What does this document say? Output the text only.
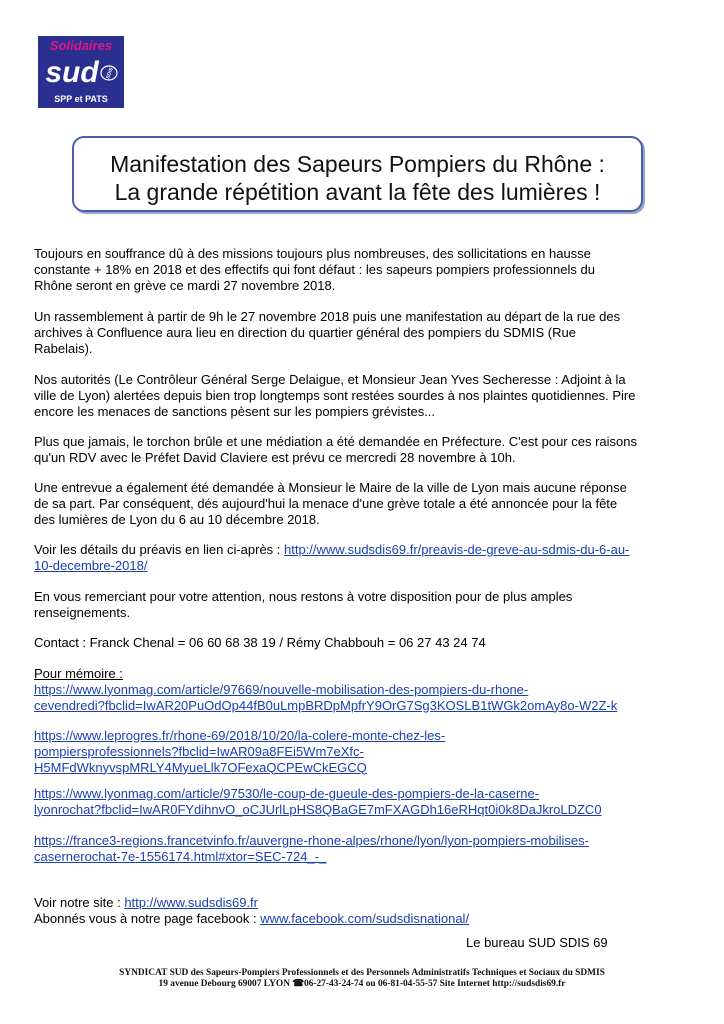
Solidaires
sud SDIS
SPP et PATS
Manifestation des Sapeurs Pompiers du Rhône :
La grande répétition avant la fête des lumières !
Toujours en souffrance dû à des missions toujours plus nombreuses, des sollicitations en hausse
constante + 18% en 2018 et des effectifs qui font défaut : les sapeurs pompiers professionnels du
Rhône seront en grève ce mardi 27 novembre 2018.
Un rassemblement à partir de 9h le 27 novembre 2018 puis une manifestation au départ de la rue des
archives à Confluence aura lieu en direction du quartier général des pompiers du SDMIS (Rue
Rabelais).
Nos autorités (Le Contrôleur Général Serge Delaigue, et Monsieur Jean Yves Secheresse : Adjoint à la
ville de Lyon) alertées depuis bien trop longtemps sont restées sourdes à nos plaintes quotidiennes. Pire
encore les menaces de sanctions pèsent sur les pompiers grévistes...
Plus que jamais, le torchon brûle et une médiation a été demandée en Préfecture. C'est pour ces raisons
qu'un RDV avec le Préfet David Claviere est prévu ce mercredi 28 novembre à 10h.
Une entrevue a également été demandée à Monsieur le Maire de la ville de Lyon mais aucune réponse
de sa part. Par conséquent, dés aujourd'hui la menace d'une grève totale a été annoncée pour la fête
des lumières de Lyon du 6 au 10 décembre 2018.
Voir les détails du préavis en lien ci-après : http://www.sudsdis69.fr/preavis-de-greve-au-sdmis-du-6-au-
10-decembre-2018/
En vous remerciant pour votre attention, nous restons à votre disposition pour de plus amples
renseignements.
Contact : Franck Chenal = 06 60 68 38 19 / Rémy Chabbouh = 06 27 43 24 74
Pour mémoire :
https://www.lyonmag.com/article/97669/nouvelle-mobilisation-des-pompiers-du-rhone-
cevendredi?fbclid=IwAR20PuOdOp44fB0uLmpBRDpMpfrY9OrG7Sg3KOSLB1tWGk2omAy8o-W2Z-k
https://www.leprogres.fr/rhone-69/2018/10/20/la-colere-monte-chez-les-
pompiersprofessionnels?fbclid=IwAR09a8FEi5Wm7eXfc-
H5MFdWknyvspMRLY4MyueLlk7OFexaQCPEwCkEGCQ
https://www.lyonmag.com/article/97530/le-coup-de-gueule-des-pompiers-de-la-caserne-
lyonrochat?fbclid=IwAR0FYdihnvO_oCJUrlLpHS8QBaGE7mFXAGDh16eRHqt0i0k8DaJkroLDZC0
https://france3-regions.francetvinfo.fr/auvergne-rhone-alpes/rhone/lyon/lyon-pompiers-mobilises-
casernerochat-7e-1556174.html#xtor=SEC-724_-_
Voir notre site : http://www.sudsdis69.fr
Abonnés vous à notre page facebook : www.facebook.com/sudsdisnational/
Le bureau SUD SDIS 69
SYNDICAT SUD des Sapeurs-Pompiers Professionnels et des Personnels Administratifs Techniques et Sociaux du SDMIS
19 avenue Debourg 69007 LYON ☎06-27-43-24-74 ou 06-81-04-55-57 Site Internet http://sudsdis69.fr
